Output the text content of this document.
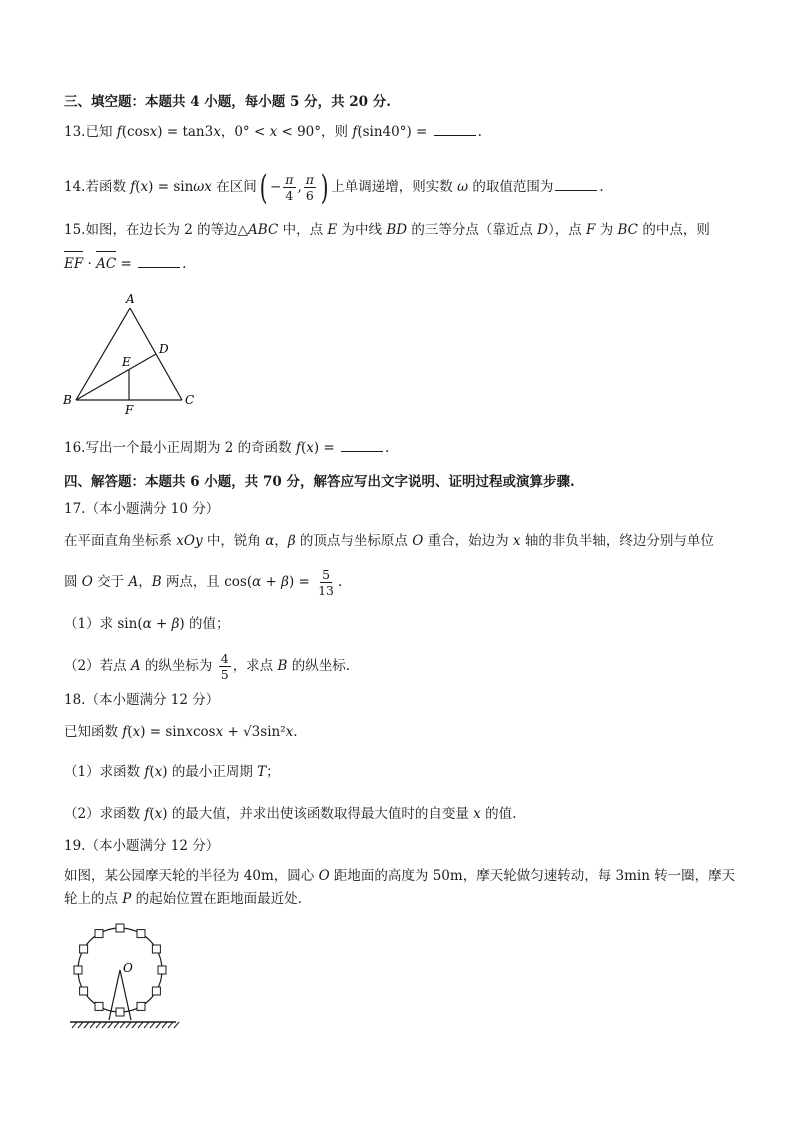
三、填空题：本题共 4 小题，每小题 5 分，共 20 分.
13.已知 f(cosx) = tan3x，0° < x < 90°，则 f(sin40°) =	.
14.若函数 f(x) = sinωx 在区间( − $\frac{\pi}{4}$ , $\frac{\pi}{6}$ ) 上单调递增，则实数 ω 的取值范围为	.
15.如图，在边长为 2 的等边△ABC 中，点 E 为中线 BD 的三等分点（靠近点 D），点 F 为 BC 的中点，则
EF ·
AC =	.
A
B	C
D
E
F
16.写出一个最小正周期为 2 的奇函数 f(x) =	.
四、解答题：本题共 6 小题，共 70 分，解答应写出文字说明、证明过程或演算步骤.
17.（本小题满分 10 分）
在平面直角坐标系 xOy 中，锐角 α，β 的顶点与坐标原点 O 重合，始边为 x 轴的非负半轴，终边分别与单位
圆 O 交于 A，B 两点，且 $\cos(\alpha + \beta) = \frac{5}{13}$ .
（1）求 sin(α + β) 的值；
（2）若点 A 的纵坐标为 $\frac{4}{5}$ ，求点 B 的纵坐标.
18.（本小题满分 12 分）
已知函数 f(x) = sinxcosx + √3sin²x.
（1）求函数 f(x) 的最小正周期 T；
（2）求函数 f(x) 的最大值，并求出使该函数取得最大值时的自变量 x 的值.
19.（本小题满分 12 分）
如图，某公园摩天轮的半径为 40m，圆心 O 距地面的高度为 50m，摩天轮做匀速转动，每 3min 转一圈，摩天
轮上的点 P 的起始位置在距地面最近处.
O
